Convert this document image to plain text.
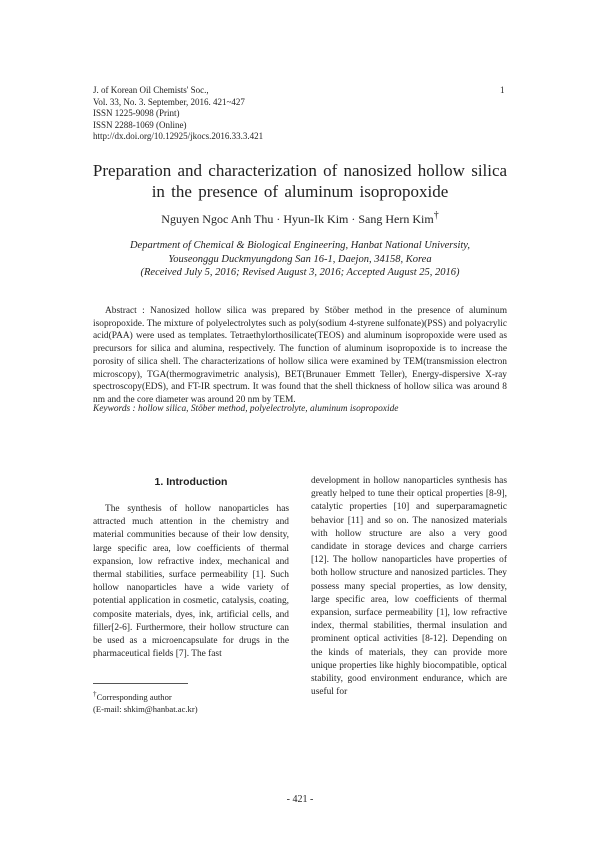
J. of Korean Oil Chemists' Soc.,
Vol. 33, No. 3. September, 2016. 421~427
ISSN 1225-9098 (Print)
ISSN 2288-1069 (Online)
http://dx.doi.org/10.12925/jkocs.2016.33.3.421
1
Preparation and characterization of nanosized hollow silica
in the presence of aluminum isopropoxide
Nguyen Ngoc Anh Thu · Hyun-Ik Kim · Sang Hern Kim†
Department of Chemical & Biological Engineering, Hanbat National University,
Youseonggu Duckmyungdong San 16-1, Daejon, 34158, Korea
(Received July 5, 2016; Revised August 3, 2016; Accepted August 25, 2016)
Abstract : Nanosized hollow silica was prepared by Stöber method in the presence of aluminum isopropoxide. The mixture of polyelectrolytes such as poly(sodium 4-styrene sulfonate)(PSS) and polyacrylic acid(PAA) were used as templates. Tetraethylorthosilicate(TEOS) and aluminum isopropoxide were used as precursors for silica and alumina, respectively. The function of aluminum isopropoxide is to increase the porosity of silica shell. The characterizations of hollow silica were examined by TEM(transmission electron microscopy), TGA(thermogravimetric analysis), BET(Brunauer Emmett Teller), Energy-dispersive X-ray spectroscopy(EDS), and FT-IR spectrum. It was found that the shell thickness of hollow silica was around 8 nm and the core diameter was around 20 nm by TEM.
Keywords : hollow silica, Stöber method, polyelectrolyte, aluminum isopropoxide
1. Introduction
The synthesis of hollow nanoparticles has attracted much attention in the chemistry and material communities because of their low density, large specific area, low coefficients of thermal expansion, low refractive index, mechanical and thermal stabilities, surface permeability [1]. Such hollow nanoparticles have a wide variety of potential application in cosmetic, catalysis, coating, composite materials, dyes, ink, artificial cells, and filler[2-6]. Furthermore, their hollow structure can be used as a microencapsulate for drugs in the pharmaceutical fields [7]. The fast
development in hollow nanoparticles synthesis has greatly helped to tune their optical properties [8-9], catalytic properties [10] and superparamagnetic behavior [11] and so on. The nanosized materials with hollow structure are also a very good candidate in storage devices and charge carriers [12]. The hollow nanoparticles have properties of both hollow structure and nanosized particles. They possess many special properties, as low density, large specific area, low coefficients of thermal expansion, surface permeability [1], low refractive index, thermal stabilities, thermal insulation and prominent optical activities [8-12]. Depending on the kinds of materials, they can provide more unique properties like highly biocompatible, optical stability, good environment endurance, which are useful for
†Corresponding author
(E-mail: shkim@hanbat.ac.kr)
- 421 -
